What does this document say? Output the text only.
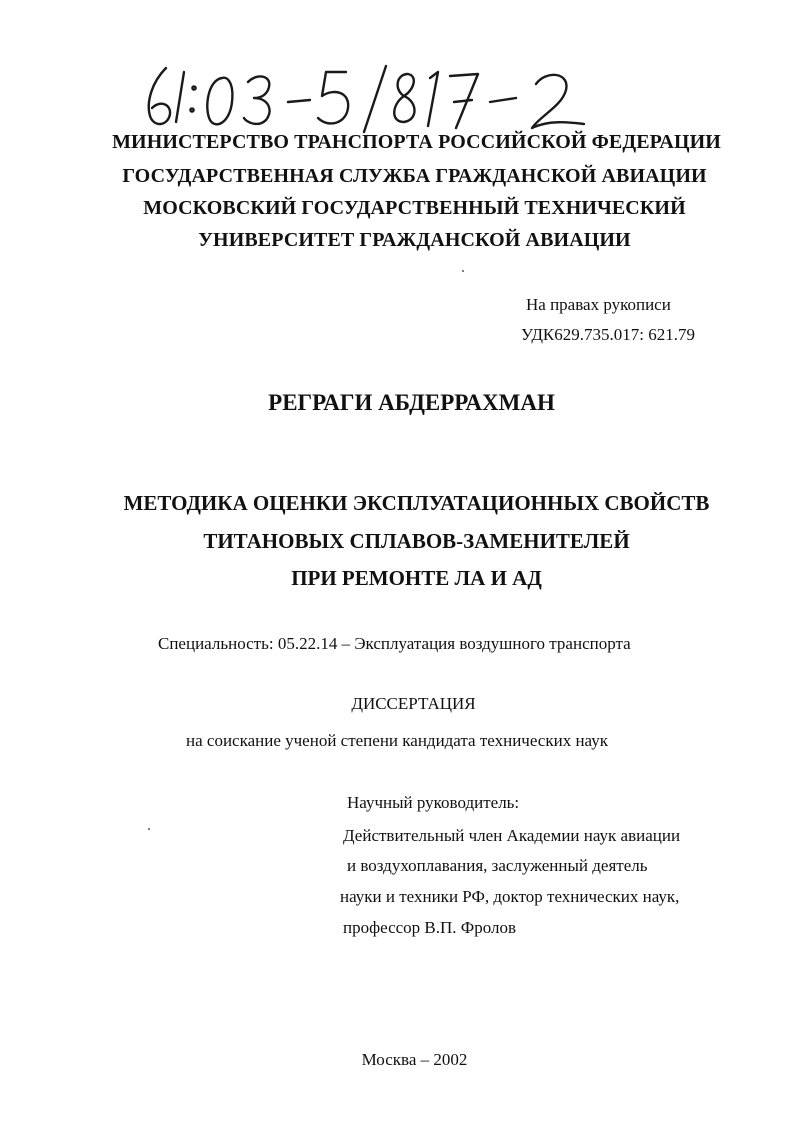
МИНИСТЕРСТВО ТРАНСПОРТА РОССИЙСКОЙ ФЕДЕРАЦИИ
ГОСУДАРСТВЕННАЯ СЛУЖБА ГРАЖДАНСКОЙ АВИАЦИИ
МОСКОВСКИЙ ГОСУДАРСТВЕННЫЙ ТЕХНИЧЕСКИЙ
УНИВЕРСИТЕТ ГРАЖДАНСКОЙ АВИАЦИИ
На правах рукописи
УДК629.735.017: 621.79
РЕГРАГИ АБДЕРРАХМАН
МЕТОДИКА ОЦЕНКИ ЭКСПЛУАТАЦИОННЫХ СВОЙСТВ
ТИТАНОВЫХ СПЛАВОВ-ЗАМЕНИТЕЛЕЙ
ПРИ РЕМОНТЕ ЛА И АД
Специальность: 05.22.14 – Эксплуатация воздушного транспорта
ДИССЕРТАЦИЯ
на соискание ученой степени кандидата технических наук
Научный руководитель:
Действительный член Академии наук авиации
и воздухоплавания, заслуженный деятель
науки и техники РФ, доктор технических наук,
профессор В.П. Фролов
Москва – 2002
